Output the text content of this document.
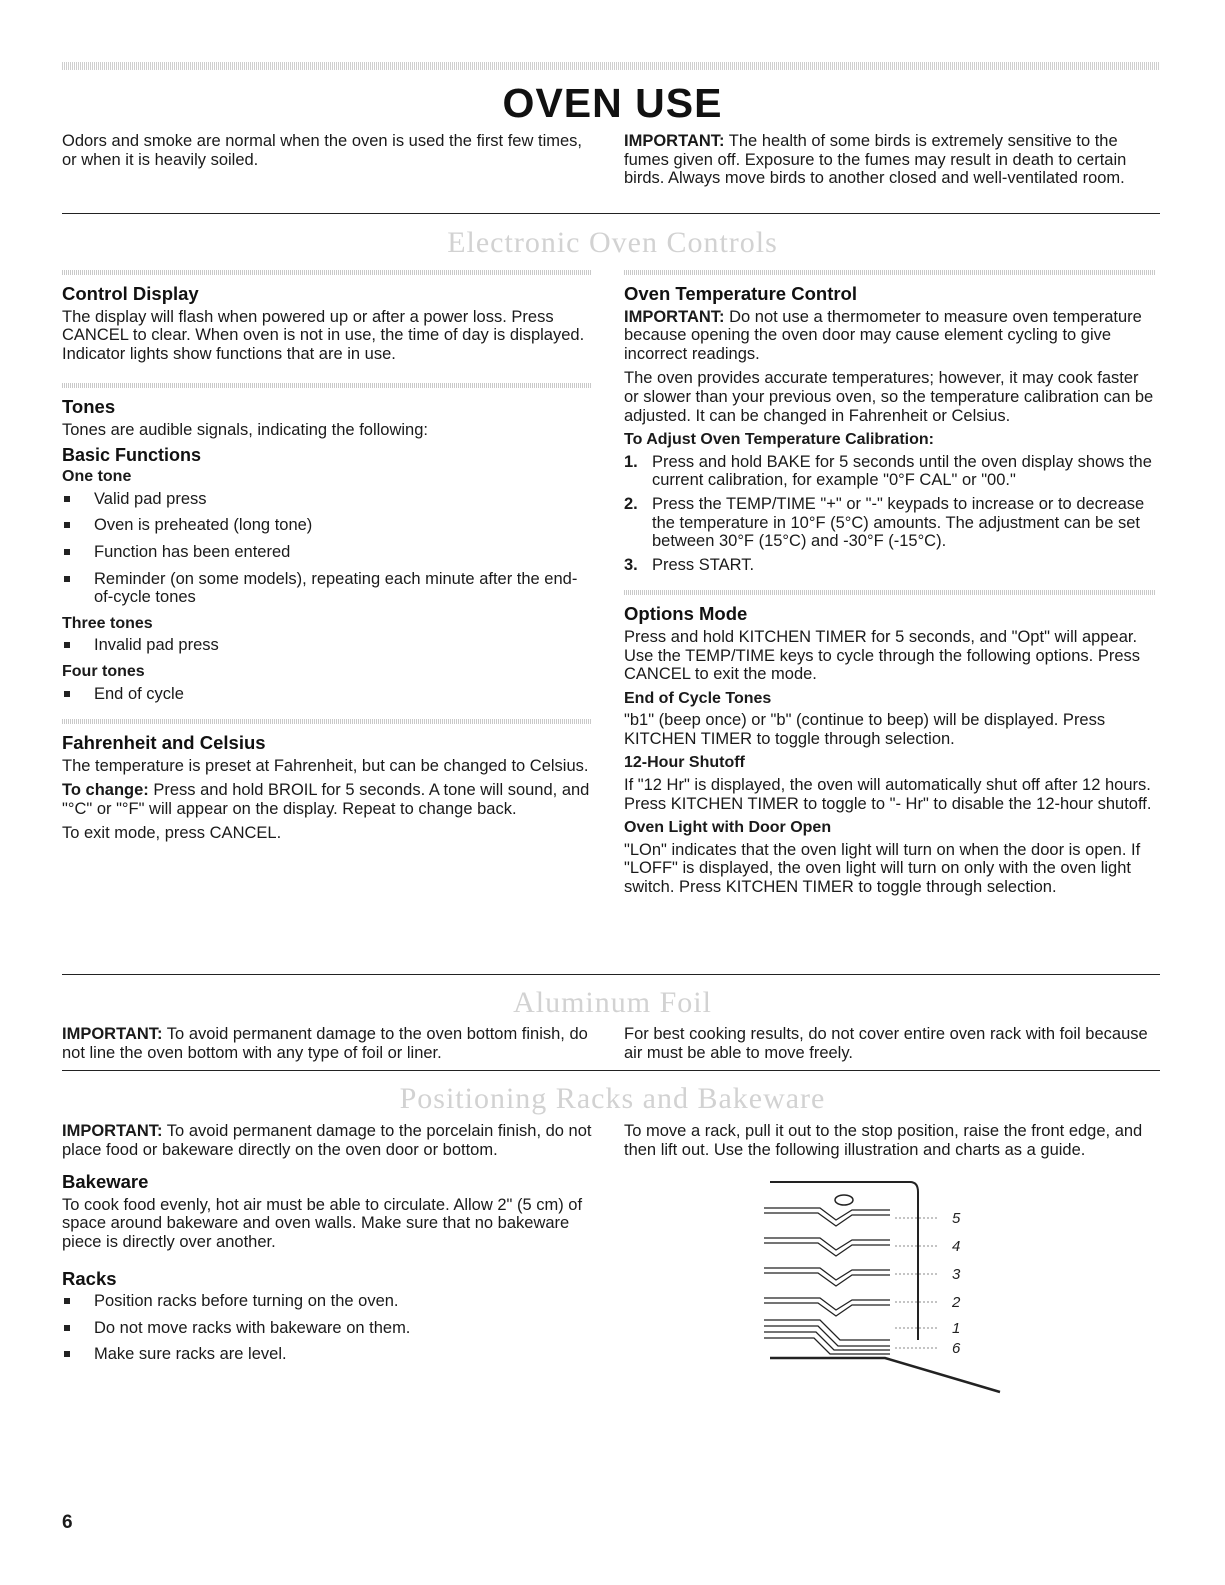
OVEN USE

Odors and smoke are normal when the oven is used the first few times, or when it is heavily soiled.

IMPORTANT: The health of some birds is extremely sensitive to the fumes given off. Exposure to the fumes may result in death to certain birds. Always move birds to another closed and well-ventilated room.

Electronic Oven Controls
Control Display

The display will flash when powered up or after a power loss. Press CANCEL to clear. When oven is not in use, the time of day is displayed. Indicator lights show functions that are in use.

Tones

Tones are audible signals, indicating the following:

Basic Functions
One tone
Valid pad press
Oven is preheated (long tone)
Function has been entered
Reminder (on some models), repeating each minute after the end-of-cycle tones
Three tones
Invalid pad press
Four tones
End of cycle
Fahrenheit and Celsius

The temperature is preset at Fahrenheit, but can be changed to Celsius.

To change: Press and hold BROIL for 5 seconds. A tone will sound, and "°C" or "°F" will appear on the display. Repeat to change back.

To exit mode, press CANCEL.

Oven Temperature Control

IMPORTANT: Do not use a thermometer to measure oven temperature because opening the oven door may cause element cycling to give incorrect readings.

The oven provides accurate temperatures; however, it may cook faster or slower than your previous oven, so the temperature calibration can be adjusted. It can be changed in Fahrenheit or Celsius.

To Adjust Oven Temperature Calibration:
1. Press and hold BAKE for 5 seconds until the oven display shows the current calibration, for example "0°F CAL" or "00."
2. Press the TEMP/TIME "+" or "-" keypads to increase or to decrease the temperature in 10°F (5°C) amounts. The adjustment can be set between 30°F (15°C) and -30°F (-15°C).
3. Press START.
Options Mode

Press and hold KITCHEN TIMER for 5 seconds, and "Opt" will appear. Use the TEMP/TIME keys to cycle through the following options. Press CANCEL to exit the mode.

End of Cycle Tones

"b1" (beep once) or "b" (continue to beep) will be displayed. Press KITCHEN TIMER to toggle through selection.

12-Hour Shutoff

If "12 Hr" is displayed, the oven will automatically shut off after 12 hours. Press KITCHEN TIMER to toggle to "- Hr" to disable the 12-hour shutoff.

Oven Light with Door Open

"LOn" indicates that the oven light will turn on when the door is open. If "LOFF" is displayed, the oven light will turn on only with the oven light switch. Press KITCHEN TIMER to toggle through selection.

Aluminum Foil

IMPORTANT: To avoid permanent damage to the oven bottom finish, do not line the oven bottom with any type of foil or liner.

For best cooking results, do not cover entire oven rack with foil because air must be able to move freely.

Positioning Racks and Bakeware

IMPORTANT: To avoid permanent damage to the porcelain finish, do not place food or bakeware directly on the oven door or bottom.

Bakeware

To cook food evenly, hot air must be able to circulate. Allow 2" (5 cm) of space around bakeware and oven walls. Make sure that no bakeware piece is directly over another.

Racks
Position racks before turning on the oven.
Do not move racks with bakeware on them.
Make sure racks are level.

To move a rack, pull it out to the stop position, raise the front edge, and then lift out. Use the following illustration and charts as a guide.

5
4
3
2
1
6
6
